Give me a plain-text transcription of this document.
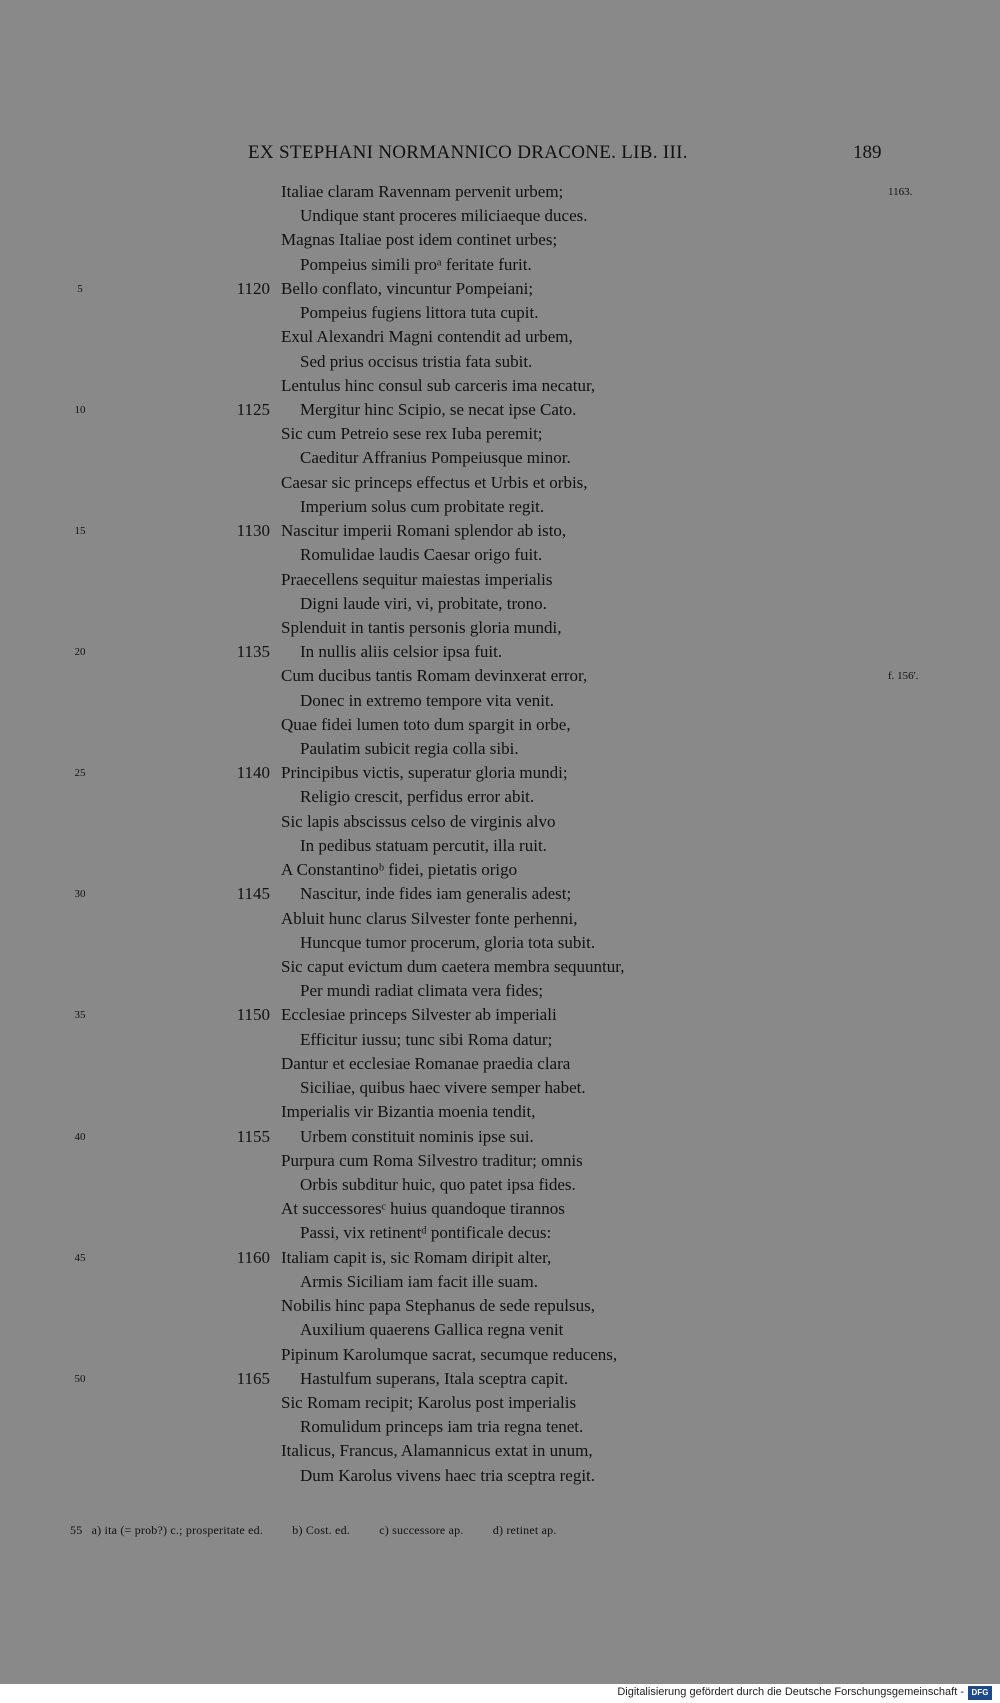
EX STEPHANI NORMANNICO DRACONE. LIB. III.	189
Italiae claram Ravennam pervenit urbem;	1163.
Undique stant proceres miliciaeque duces.
Magnas Italiae post idem continet urbes;
Pompeius simili proᵃ feritate furit.
5	1120 Bello conflato, vincuntur Pompeiani;
Pompeius fugiens littora tuta cupit.
Exul Alexandri Magni contendit ad urbem,
Sed prius occisus tristia fata subit.
Lentulus hinc consul sub carceris ima necatur,
10	1125 Mergitur hinc Scipio, se necat ipse Cato.
Sic cum Petreio sese rex Iuba peremit;
Caeditur Affranius Pompeiusque minor.
Caesar sic princeps effectus et Urbis et orbis,
Imperium solus cum probitate regit.
15	1130 Nascitur imperii Romani splendor ab isto,
Romulidae laudis Caesar origo fuit.
Praecellens sequitur maiestas imperialis
Digni laude viri, vi, probitate, trono.
Splenduit in tantis personis gloria mundi,
20	1135 In nullis aliis celsior ipsa fuit.
Cum ducibus tantis Romam devinxerat error,	f. 156'.
Donec in extremo tempore vita venit.
Quae fidei lumen toto dum spargit in orbe,
Paulatim subicit regia colla sibi.
25	1140 Principibus victis, superatur gloria mundi;
Religio crescit, perfidus error abit.
Sic lapis abscissus celso de virginis alvo
In pedibus statuam percutit, illa ruit.
A Constantinoᵇ fidei, pietatis origo
30	1145 Nascitur, inde fides iam generalis adest;
Abluit hunc clarus Silvester fonte perhenni,
Huncque tumor procerum, gloria tota subit.
Sic caput evictum dum caetera membra sequuntur,
Per mundi radiat climata vera fides;
35	1150 Ecclesiae princeps Silvester ab imperiali
Efficitur iussu; tunc sibi Roma datur;
Dantur et ecclesiae Romanae praedia clara
Siciliae, quibus haec vivere semper habet.
Imperialis vir Bizantia moenia tendit,
40	1155 Urbem constituit nominis ipse sui.
Purpura cum Roma Silvestro traditur; omnis
Orbis subditur huic, quo patet ipsa fides.
At successoresᶜ huius quandoque tirannos
Passi, vix retinentᵈ pontificale decus:
45	1160 Italiam capit is, sic Romam diripit alter,
Armis Siciliam iam facit ille suam.
Nobilis hinc papa Stephanus de sede repulsus,
Auxilium quaerens Gallica regna venit
Pipinum Karolumque sacrat, secumque reducens,
50	1165 Hastulfum superans, Itala sceptra capit.
Sic Romam recipit; Karolus post imperialis
Romulidum princeps iam tria regna tenet.
Italicus, Francus, Alamannicus extat in unum,
Dum Karolus vivens haec tria sceptra regit.
55 a) ita (= prob?) c.; prosperitate ed. b) Cost. ed. c) successore ap. d) retinet ap.
Digitalisierung gefördert durch die Deutsche Forschungsgemeinschaft - DFG
